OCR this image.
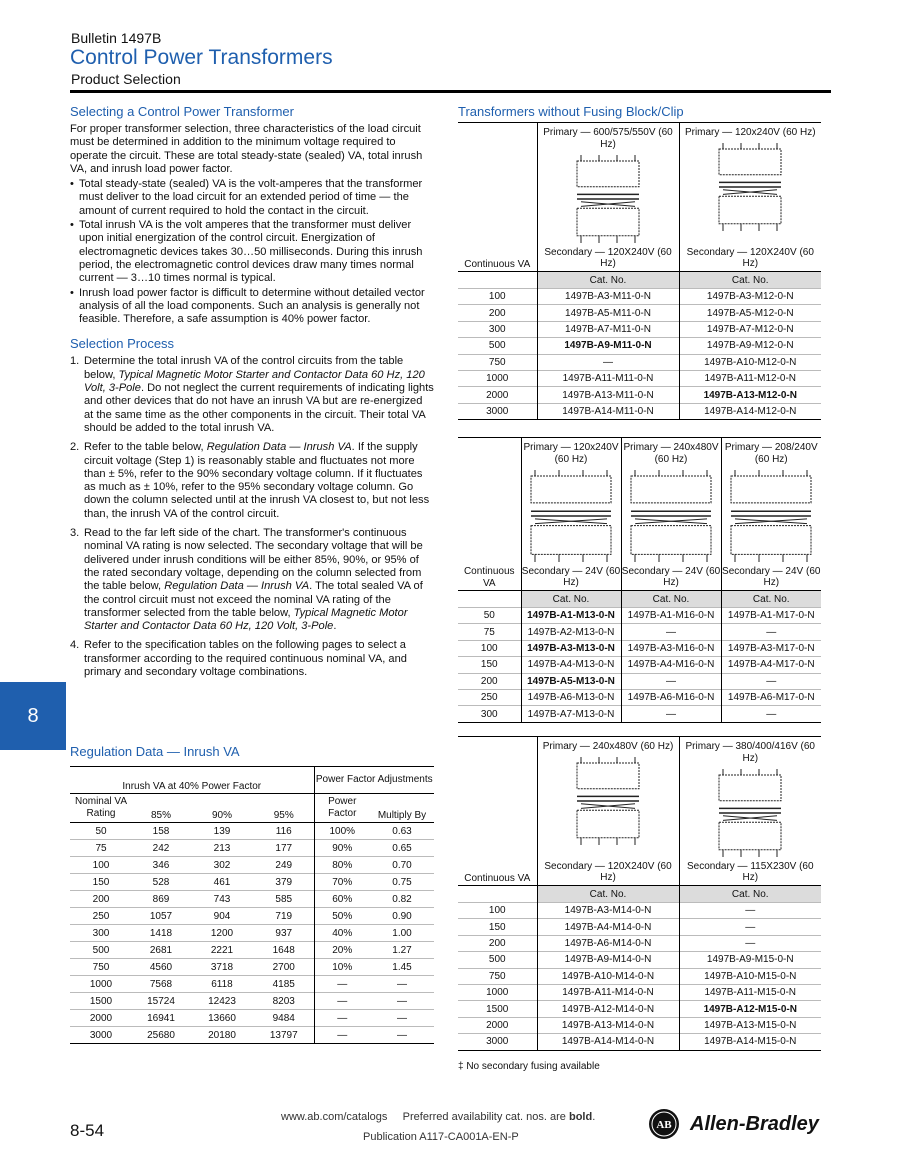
Bulletin 1497B
Control Power Transformers
Product Selection
Selecting a Control Power Transformer

For proper transformer selection, three characteristics of the load circuit must be determined in addition to the minimum voltage required to operate the circuit. These are total steady-state (sealed) VA, total inrush VA, and inrush load power factor.

• Total steady-state (sealed) VA is the volt-amperes that the transformer must deliver to the load circuit for an extended period of time — the amount of current required to hold the contact in the circuit.
• Total inrush VA is the volt amperes that the transformer must deliver upon initial energization of the control circuit. Energization of electromagnetic devices takes 30…50 milliseconds. During this inrush period, the electromagnetic control devices draw many times normal current — 3…10 times normal is typical.
• Inrush load power factor is difficult to determine without detailed vector analysis of all the load components. Such an analysis is generally not feasible. Therefore, a safe assumption is 40% power factor.
Selection Process
1. Determine the total inrush VA of the control circuits from the table below, Typical Magnetic Motor Starter and Contactor Data 60 Hz, 120 Volt, 3-Pole. Do not neglect the current requirements of indicating lights and other devices that do not have an inrush VA but are re-energized at the same time as the other components in the circuit. Their total VA should be added to the total inrush VA.
2. Refer to the table below, Regulation Data — Inrush VA. If the supply circuit voltage (Step 1) is reasonably stable and fluctuates not more than ± 5%, refer to the 90% secondary voltage column. If it fluctuates as much as ± 10%, refer to the 95% secondary voltage column. Go down the column selected until at the inrush VA closest to, but not less than, the inrush VA of the control circuit.
3. Read to the far left side of the chart. The transformer's continuous nominal VA rating is now selected. The secondary voltage that will be delivered under inrush conditions will be either 85%, 90%, or 95% of the rated secondary voltage, depending on the column selected from the table below, Regulation Data — Inrush VA. The total sealed VA of the control circuit must not exceed the nominal VA rating of the transformer selected from the table below, Typical Magnetic Motor Starter and Contactor Data 60 Hz, 120 Volt, 3-Pole.
4. Refer to the specification tables on the following pages to select a transformer according to the required continuous nominal VA, and primary and secondary voltage combinations.
8
Regulation Data — Inrush VA
Inrush VA at 40% Power Factor				Power Factor Adjustments	
Nominal VA Rating	85%	90%	95%	Power Factor	Multiply By
50	158	139	116	100%	0.63
75	242	213	177	90%	0.65
100	346	302	249	80%	0.70
150	528	461	379	70%	0.75
200	869	743	585	60%	0.82
250	1057	904	719	50%	0.90
300	1418	1200	937	40%	1.00
500	2681	2221	1648	20%	1.27
750	4560	3718	2700	10%	1.45
1000	7568	6118	4185	—	—
1500	15724	12423	8203	—	—
2000	16941	13660	9484	—	—
3000	25680	20180	13797	—	—
Transformers without Fusing Block/Clip
Continuous VA	Primary — 600/575/550V (60 Hz)	Primary — 120x240V (60 Hz)

	Secondary — 120X240V (60 Hz)	Secondary — 120X240V (60 Hz)
	Cat. No.	Cat. No.
100	1497B-A3-M11-0-N	1497B-A3-M12-0-N
200	1497B-A5-M11-0-N	1497B-A5-M12-0-N
300	1497B-A7-M11-0-N	1497B-A7-M12-0-N
500	1497B-A9-M11-0-N	1497B-A9-M12-0-N
750	—	1497B-A10-M12-0-N
1000	1497B-A11-M11-0-N	1497B-A11-M12-0-N
2000	1497B-A13-M11-0-N	1497B-A13-M12-0-N
3000	1497B-A14-M11-0-N	1497B-A14-M12-0-N
Continuous VA	Primary — 120x240V (60 Hz)	Primary — 240x480V (60 Hz)	Primary — 208/240V (60 Hz)

	Secondary — 24V (60 Hz)	Secondary — 24V (60 Hz)	Secondary — 24V (60 Hz)
	Cat. No.	Cat. No.	Cat. No.
50	1497B-A1-M13-0-N	1497B-A1-M16-0-N	1497B-A1-M17-0-N
75	1497B-A2-M13-0-N	—	—
100	1497B-A3-M13-0-N	1497B-A3-M16-0-N	1497B-A3-M17-0-N
150	1497B-A4-M13-0-N	1497B-A4-M16-0-N	1497B-A4-M17-0-N
200	1497B-A5-M13-0-N	—	—
250	1497B-A6-M13-0-N	1497B-A6-M16-0-N	1497B-A6-M17-0-N
300	1497B-A7-M13-0-N	—	—
Continuous VA	Primary — 240x480V (60 Hz)	Primary — 380/400/416V (60 Hz)

	Secondary — 120X240V (60 Hz)	Secondary — 115X230V (60 Hz)
	Cat. No.	Cat. No.
100	1497B-A3-M14-0-N	—
150	1497B-A4-M14-0-N	—
200	1497B-A6-M14-0-N	—
500	1497B-A9-M14-0-N	1497B-A9-M15-0-N
750	1497B-A10-M14-0-N	1497B-A10-M15-0-N
1000	1497B-A11-M14-0-N	1497B-A11-M15-0-N
1500	1497B-A12-M14-0-N	1497B-A12-M15-0-N
2000	1497B-A13-M14-0-N	1497B-A13-M15-0-N
3000	1497B-A14-M14-0-N	1497B-A14-M15-0-N
‡ No secondary fusing available
8-54
www.ab.com/catalogs Preferred availability cat. nos. are bold.
Publication A117-CA001A-EN-P
AB Allen-Bradley
